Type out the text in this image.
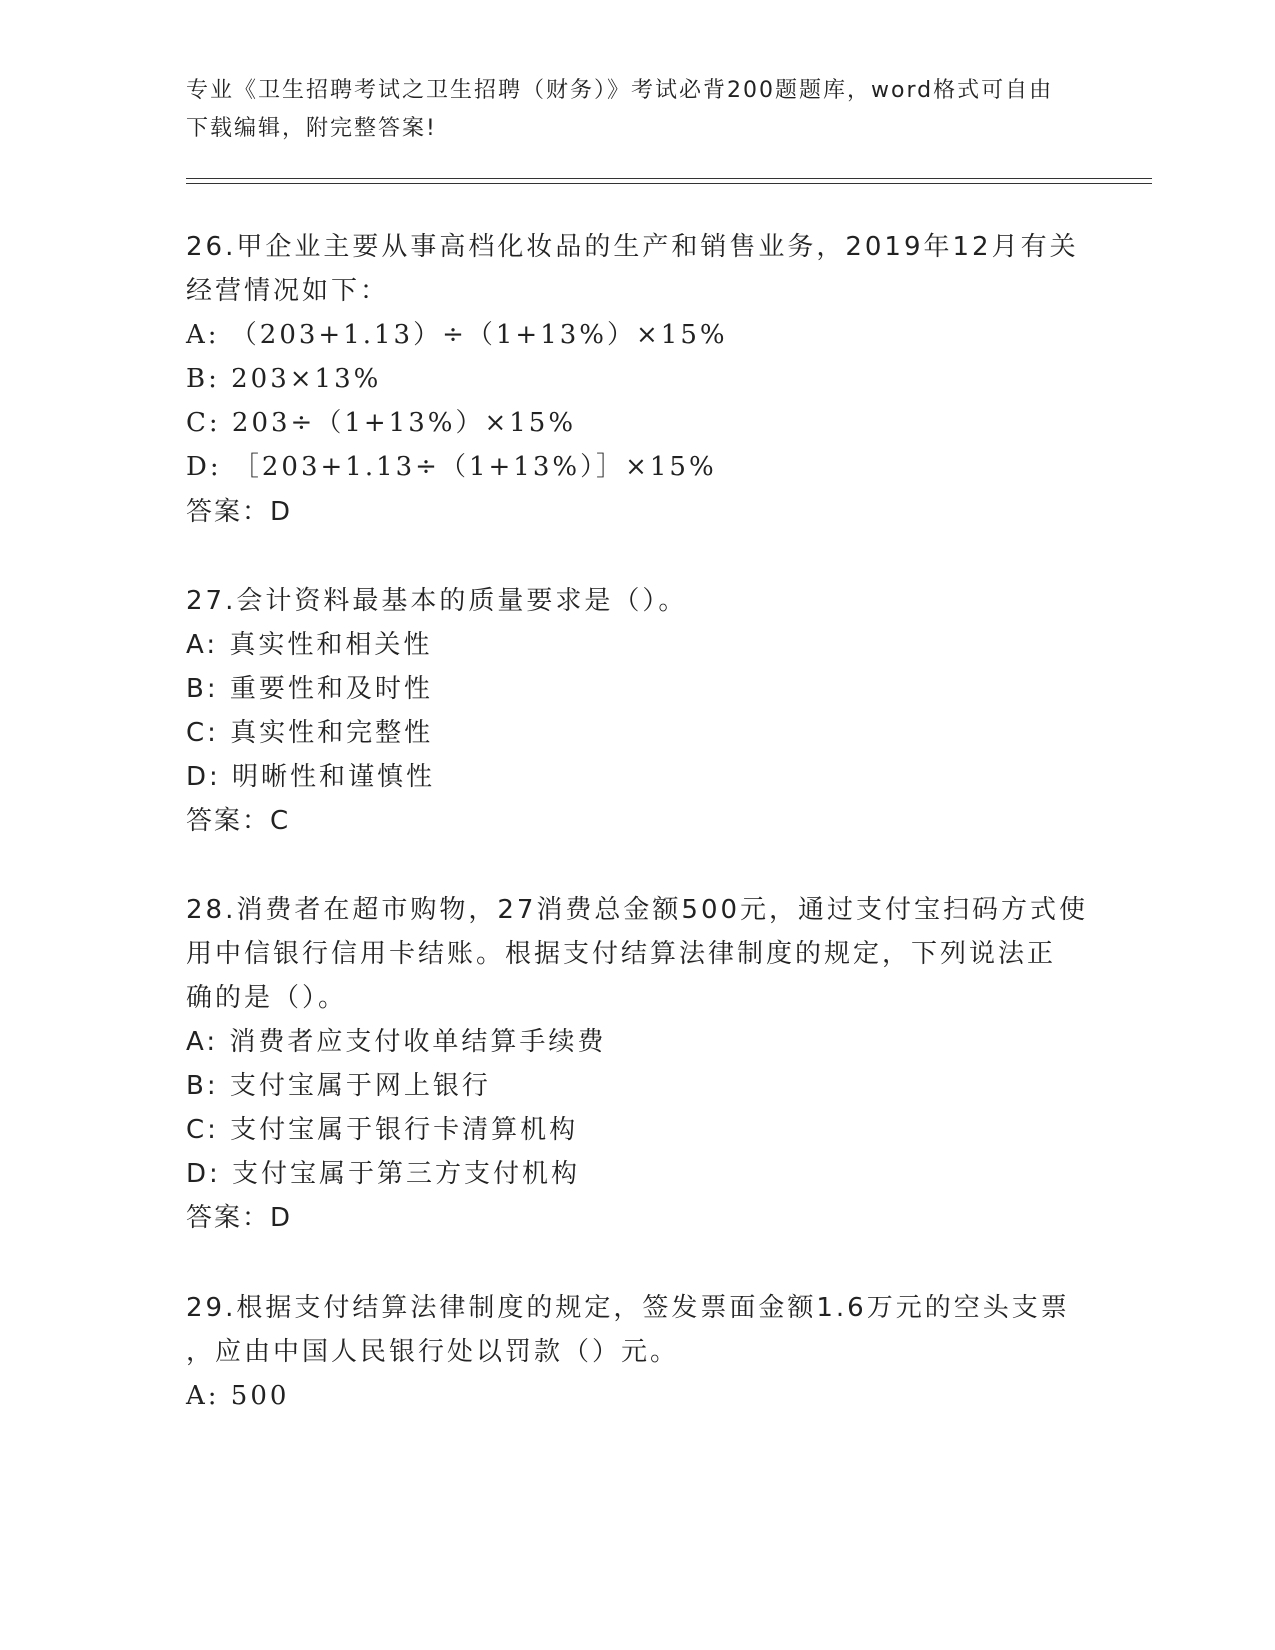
专业《卫生招聘考试之卫生招聘（财务）》考试必背200题题库，word格式可自由下载编辑，附完整答案!
26.甲企业主要从事高档化妆品的生产和销售业务，2019年12月有关
经营情况如下：
A: （203+1.13）÷（1+13%）×15%
B: 203×13%
C: 203÷（1+13%）×15%
D: ［203+1.13÷（1+13%）］×15%
答案：D
27.会计资料最基本的质量要求是（）。
A: 真实性和相关性
B: 重要性和及时性
C: 真实性和完整性
D: 明晰性和谨慎性
答案：C
28.消费者在超市购物，27消费总金额500元，通过支付宝扫码方式使
用中信银行信用卡结账。根据支付结算法律制度的规定，下列说法正
确的是（）。
A: 消费者应支付收单结算手续费
B: 支付宝属于网上银行
C: 支付宝属于银行卡清算机构
D: 支付宝属于第三方支付机构
答案：D
29.根据支付结算法律制度的规定，签发票面金额1.6万元的空头支票
，应由中国人民银行处以罚款（）元。
A: 500
